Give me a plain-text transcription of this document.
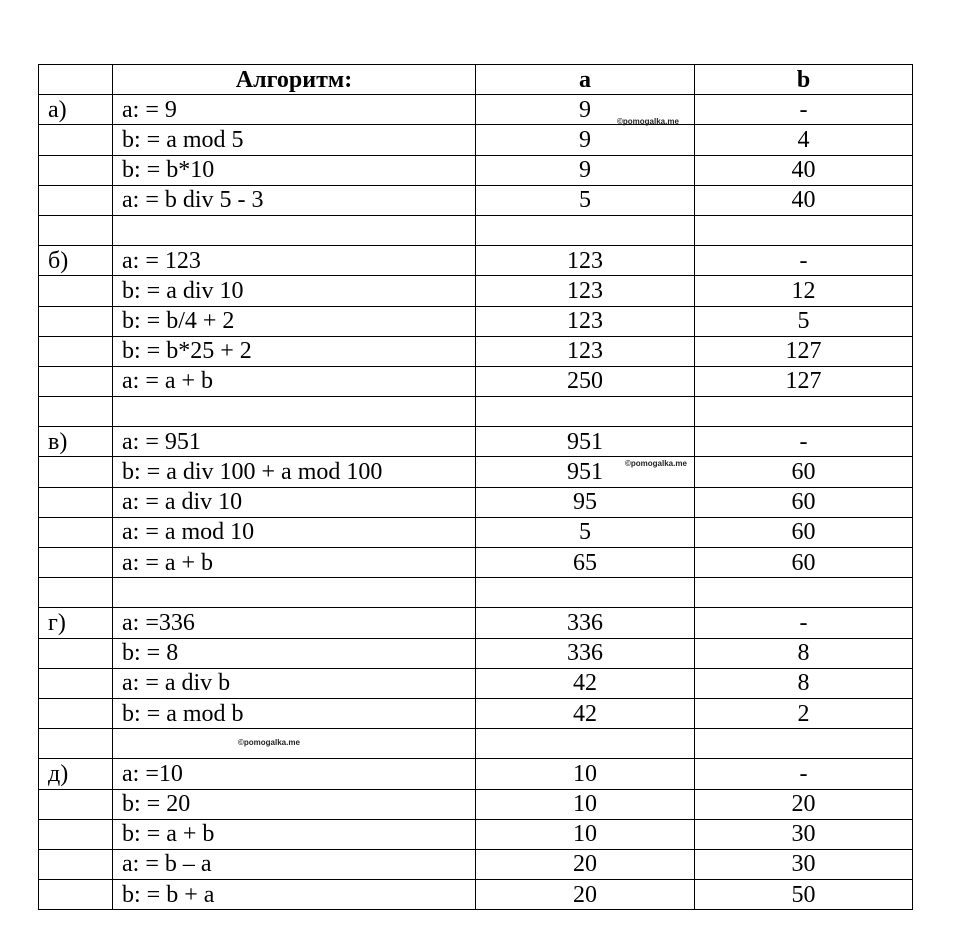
	Алгоритм:	a	b
а)	a: = 9	9	-
	b: = a mod 5	9	4
	b: = b*10	9	40
	a: = b div 5 - 3	5	40

б)	a: = 123	123	-
	b: = a div 10	123	12
	b: = b/4 + 2	123	5
	b: = b*25 + 2	123	127
	a: = a + b	250	127

в)	a: = 951	951	-
	b: = a div 100 + a mod 100	951	60
	a: = a div 10	95	60
	a: = a mod 10	5	60
	a: = a + b	65	60

г)	a: =336	336	-
	b: = 8	336	8
	a: = a div b	42	8
	b: = a mod b	42	2

д)	a: =10	10	-
	b: = 20	10	20
	b: = a + b	10	30
	a: = b – a	20	30
	b: = b + a	20	50
©pomogalka.me
©pomogalka.me
©pomogalka.me
